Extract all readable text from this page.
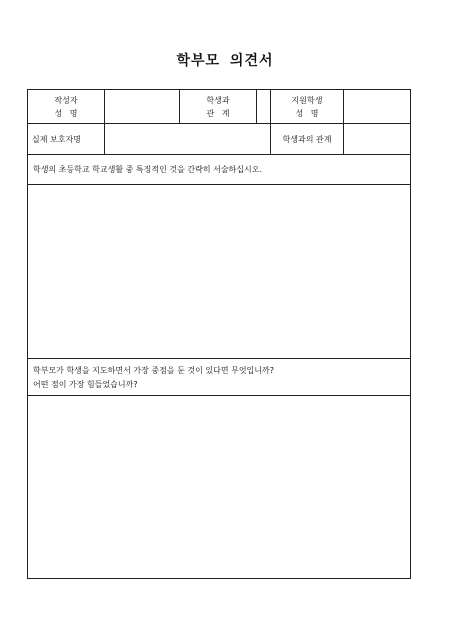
학부모 의견서
작성자
성 명
학생과
관 계
지원학생
성 명
실제 보호자명	학생과의 관계
학생의 초등학교 학교생활 중 특징적인 것을 간략히 서술하십시오.
학부모가 학생을 지도하면서 가장 중점을 둔 것이 있다면 무엇입니까?
어떤 점이 가장 힘들었습니까?
